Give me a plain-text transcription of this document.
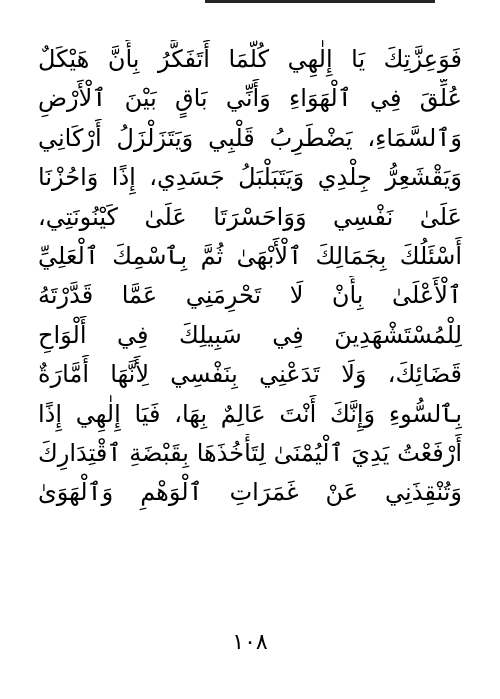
فَوَعِزَّتِكَ يَا إِلٰهِي كُلَّمَا أَتَفَكَّرُ بِأَنَّ هَيْكَلٌ
عُلِّقَ فِي ٱلْهَوَاءِ وَأَنِّي بَاقٍ بَيْنَ ٱلْأَرْضِ
وَٱلسَّمَاءِ، يَضْطَرِبُ قَلْبِي وَيَتَزَلْزَلُ أَرْكَانِي
وَيَقْشَعِرُّ جِلْدِي وَيَتَبَلْبَلُ جَسَدِي، إِذًا وَاحُزْنَا
عَلَىٰ نَفْسِي وَوَاحَسْرَتَا عَلَىٰ كَيْنُونَتِي،
أَسْئَلُكَ بِجَمَالِكَ ٱلْأَبْهَىٰ ثُمَّ بِٱسْمِكَ ٱلْعَلِيِّ
ٱلْأَعْلَىٰ بِأَنْ لَا تَحْرِمَنِي عَمَّا قَدَّرْتَهُ
لِلْمُسْتَشْهَدِينَ فِي سَبِيلِكَ فِي أَلْوَاحِ
قَضَائِكَ، وَلَا تَدَعْنِي بِنَفْسِي لِأَنَّهَا أَمَّارَةٌ
بِٱلسُّوءِ وَإِنَّكَ أَنْتَ عَالِمٌ بِهَا، فَيَا إِلٰهِي إِذًا
أَرْفَعْتُ يَدِيَ ٱلْيُمْنَىٰ لِتَأْخُذَهَا بِقَبْضَةِ ٱقْتِدَارِكَ
وَتُنْقِذَنِي عَنْ غَمَرَاتِ ٱلْوَهْمِ وَٱلْهَوَىٰ
١٠٨
